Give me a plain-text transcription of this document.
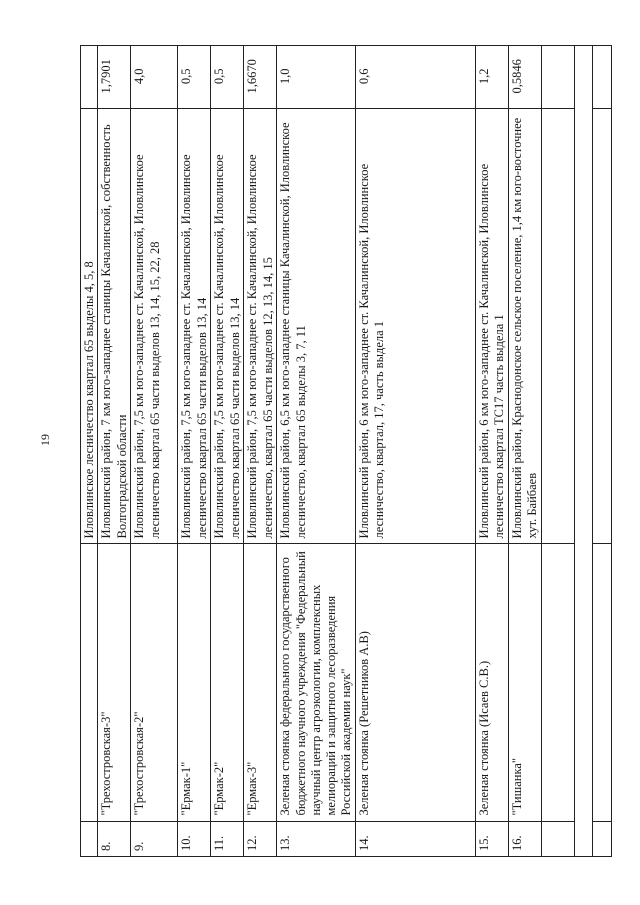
19
		Иловлинское лесничество квартал 65 выделы 4, 5, 8	
8.	"Трехостровская-3"	Иловлинский район, 7 км юго-западнее станицы Качалинской, собственность Волгоградской области	1,7901
9.	"Трехостровская-2"	Иловлинский район, 7,5 км юго-западнее ст. Качалинской, Иловлинское лесничество квартал 65 части выделов 13, 14, 15, 22, 28	4,0
10.	"Ермак-1"	Иловлинский район, 7,5 км юго-западнее ст. Качалинской, Иловлинское лесничество квартал 65 части выделов 13, 14	0,5
11.	"Ермак-2"	Иловлинский район, 7,5 км юго-западнее ст. Качалинской, Иловлинское лесничество квартал 65 части выделов 13, 14	0,5
12.	"Ермак-3"	Иловлинский район, 7,5 км юго-западнее ст. Качалинской, Иловлинское лесничество, квартал 65 части выделов 12, 13, 14, 15	1,6670
13.	Зеленая стоянка федерального государственного бюджетного научного учреждения "Федеральный научный центр агроэкологии, комплексных мелиораций и защитного лесоразведения Российской академии наук"	Иловлинский район, 6,5 км юго-западнее станицы Качалинской, Иловлинское лесничество, квартал 65 выделы 3, 7, 11	1,0
14.	Зеленая стоянка (Решетников А.В)	Иловлинский район, 6 км юго-западнее ст. Качалинской, Иловлинское лесничество, квартал, 17, часть выдела 1	0,6
15.	Зеленая стоянка (Исаев С.В.)	Иловлинский район, 6 км юго-западнее ст. Качалинской, Иловлинское лесничество квартал ТС17 часть выдела 1	1,2
16.	"Тишанка"	Иловлинский район, Краснодонское сельское поселение, 1,4 км юго-восточнее хут. Байбаев	0,5846
